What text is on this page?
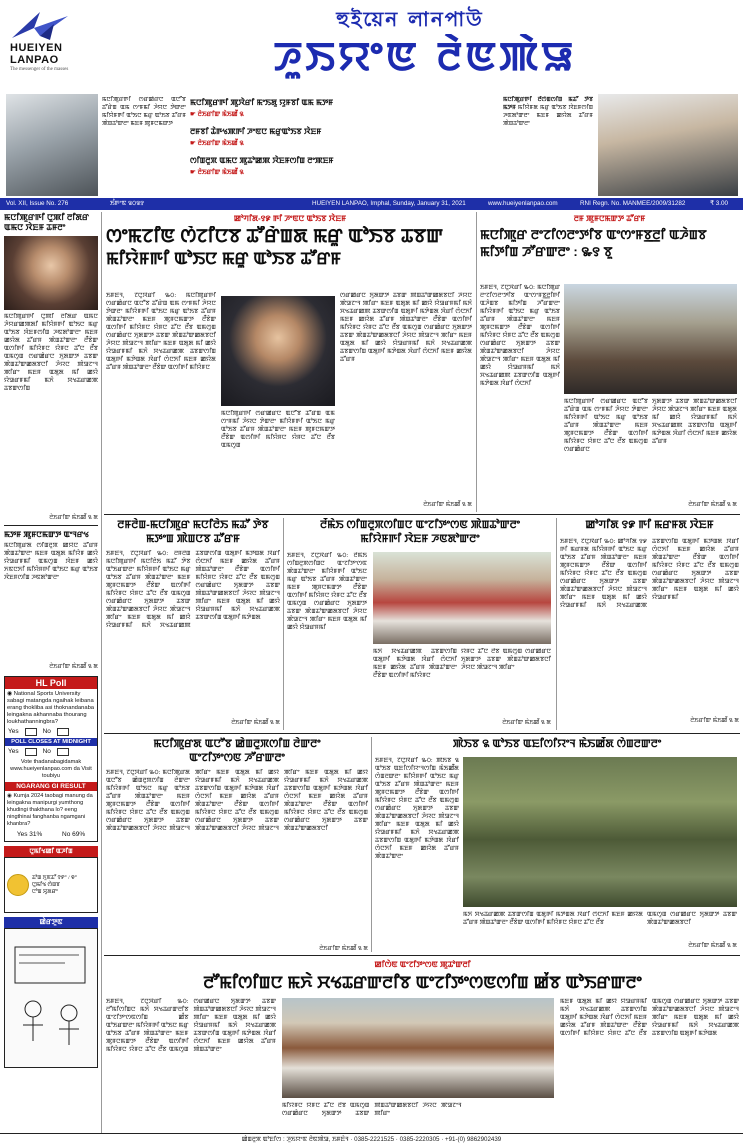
HUEIYEN
LANPAO
The messenger of the masses
হুইয়েন লানপাউ
ꯍꯨꯏꯌꯦꯟ ꯂꯥꯟꯄꯥꯎ
ꯃꯅꯤꯄꯨꯔꯒꯤ ꯁꯔꯀꯥꯔꯅ ꯑꯅꯧꯕ ꯊꯧꯔꯥꯡ ꯑꯃ ꯁꯦꯝꯃꯤ ꯍꯥꯌꯅ ꯇꯥꯛꯂꯦ ꯃꯤꯌꯥꯝꯒꯤ ꯑꯣꯏꯅ ꯃꯔꯨ ꯑꯣꯏꯕ ꯊꯧꯔꯝ ꯄꯥꯡꯊꯣꯛꯂꯦ ꯃꯐꯝ ꯄꯨꯝꯅꯃꯛꯇ
ꯃꯅꯤꯄꯨꯔꯒꯤ ꯄꯨꯋꯥꯔꯤ ꯃꯦꯏꯗꯨ ꯌꯨꯝꯕꯤ ꯑꯃ ꯃꯇꯝ
☛ ꯂꯥꯏꯔꯤꯛ ꯃꯥꯏꯀꯩ ꯲
ꯂꯝꯕꯤ ꯊꯥꯒꯠꯄꯒꯤ ꯍꯦꯟꯅ ꯃꯔꯨꯑꯣꯏꯕ ꯋꯥꯐꯝ
☛ ꯂꯥꯏꯔꯤꯛ ꯃꯥꯏꯀꯩ ꯲
ꯁꯤꯡꯂꯨꯞ ꯑꯃꯅ ꯄꯨꯊꯣꯀꯄ ꯋꯥꯐꯝꯁꯤꯡ ꯂꯦꯄꯐꯝ
☛ ꯂꯥꯏꯔꯤꯛ ꯃꯥꯏꯀꯩ ꯲
ꯃꯅꯤꯄꯨꯔꯒꯤ ꯂꯩꯁꯥꯡꯁꯤꯡ ꯃꯊꯧ ꯇꯥꯕ ꯃꯇꯝ ꯃꯤꯌꯥꯝꯗ ꯃꯔꯨ ꯑꯣꯏꯕ ꯋꯥꯐꯝꯁꯤꯡ ꯍꯟꯗꯣꯛꯂꯦ ꯃꯐꯝ ꯀꯌꯥꯗ ꯊꯧꯔꯝ ꯄꯥꯡꯊꯣꯛꯂꯦ
Vol. XII, Issue No. 276	ꯏꯪꯒꯦꯟ ꯲꯰꯲꯱	HUEIYEN LANPAO, Imphal, Sunday, January 31, 2021	www.hueiyenlanpao.com	RNI Regn. No. MANMEE/2009/31282	₹ 3.00
ꯃꯅꯤꯄꯨꯔꯒꯤ ꯅꯨꯄꯤ ꯂꯤꯗꯔ ꯑꯃꯅ ꯋꯥꯐꯝ ꯊꯝꯂꯦ
ꯃꯅꯤꯄꯨꯔꯒꯤ ꯅꯨꯄꯤ ꯂꯤꯗꯔ ꯑꯃꯅ ꯍꯥꯌꯔꯀꯄꯗꯤ ꯃꯤꯌꯥꯝꯒꯤ ꯑꯣꯏꯅ ꯃꯔꯨ ꯑꯣꯏꯕ ꯋꯥꯐꯝꯁꯤꯡ ꯍꯟꯗꯣꯛꯂꯦ ꯃꯐꯝ ꯀꯌꯥꯗ ꯊꯧꯔꯝ ꯄꯥꯡꯊꯣꯛꯂꯦ ꯂꯩꯕꯥꯛ ꯑꯁꯤꯒꯤ ꯃꯤꯌꯥꯝꯅ ꯌꯥꯝꯅ ꯊꯧꯅ ꯂꯩꯕ ꯑꯃꯁꯨꯡ ꯁꯔꯀꯥꯔꯅ ꯈꯨꯗꯛꯇ ꯊꯕꯛ ꯄꯥꯡꯊꯣꯛꯀꯗꯕꯅꯤ ꯍꯥꯌꯅ ꯄꯥꯎꯖꯦꯜ ꯄꯤꯔꯦ ꯃꯐꯝ ꯑꯗꯨꯗ ꯃꯤ ꯀꯌꯥ ꯌꯥꯎꯔꯝꯃꯤ ꯃꯈꯥ ꯆꯠꯊꯔꯀꯄ ꯊꯕꯛꯁꯤꯡ
ꯂꯥꯏꯔꯤꯛ ꯃꯥꯏꯀꯩ ꯲ ꯗ
ꯃꯇꯝ ꯄꯨꯝꯅꯃꯛꯇ ꯑꯦꯜꯔꯠ
ꯃꯅꯤꯄꯨꯔꯗ ꯁꯤꯡꯂꯨꯞ ꯀꯌꯥꯅ ꯊꯧꯔꯝ ꯄꯥꯡꯊꯣꯛꯂꯦ ꯃꯐꯝ ꯑꯗꯨꯗ ꯃꯤꯌꯥꯝ ꯀꯌꯥ ꯌꯥꯎꯔꯝꯃꯤ ꯑꯃꯁꯨꯡ ꯋꯥꯐꯝ ꯀꯌꯥ ꯈꯟꯅꯈꯤ ꯃꯤꯌꯥꯝꯒꯤ ꯑꯣꯏꯅ ꯃꯔꯨ ꯑꯣꯏꯕ ꯋꯥꯐꯝꯁꯤꯡ ꯍꯟꯗꯣꯛꯂꯦ
ꯂꯥꯏꯔꯤꯛ ꯃꯥꯏꯀꯩ ꯲ ꯗ
HL Poll
◉ National Sports University sabagi matangda ngaihak leibana erang thokliba asi thoknandanaba leingakna akhannaba thourang loukhathanningbra?
Yes	No
POLL CLOSES AT MIDNIGHT
Yes	No
Vote thadanabagidamak www.hueiyenlanpao.com da Visit toubiyu
NGARANG GI RESULT
◉ Kumja 2024 taobagi manung da leingakna manipurgi yumthong khudingi thakthana lo? eeng ningthinai fanghanba ngamgani khanbra?
Yes 31%	No 69%
ꯅꯨꯃꯤꯠꯀꯤ ꯑꯍꯤꯡ
ꯊꯣꯡ ꯈꯨꯟꯊꯧ ꯱꯸° / ꯶°
ꯅꯨꯃꯤꯠ ꯁꯥꯡꯕ
ꯅꯣꯡ ꯆꯨꯗꯔꯦ
ꯀꯥꯔꯇꯨꯟ
ꯀꯣꯚꯤꯗ-꯱꯹ ꯒꯤ ꯍꯦꯟꯅ ꯑꯣꯏꯕ ꯋꯥꯐꯝ
ꯁꯦꯃꯖꯤꯟ ꯁꯥꯖꯤꯅꯕ ꯊꯧꯔꯥꯡꯗ ꯃꯔꯨ ꯑꯣꯏꯕ ꯊꯕꯛ
ꯃꯤꯌꯥꯝꯒꯤ ꯑꯣꯏꯅ ꯃꯔꯨ ꯑꯣꯏꯕ ꯊꯧꯔꯝ
ꯏꯝꯐꯥꯜ, ꯖꯥꯅꯨꯋꯥꯔꯤ ꯳꯰: ꯃꯅꯤꯄꯨꯔꯒꯤ ꯁꯔꯀꯥꯔꯅ ꯑꯅꯧꯕ ꯊꯧꯔꯥꯡ ꯑꯃ ꯁꯦꯝꯃꯤ ꯍꯥꯌꯅ ꯇꯥꯛꯂꯦ ꯃꯤꯌꯥꯝꯒꯤ ꯑꯣꯏꯅ ꯃꯔꯨ ꯑꯣꯏꯕ ꯊꯧꯔꯝ ꯄꯥꯡꯊꯣꯛꯂꯦ ꯃꯐꯝ ꯄꯨꯝꯅꯃꯛꯇ ꯂꯩꯕꯥꯛ ꯑꯁꯤꯒꯤ ꯃꯤꯌꯥꯝꯅ ꯌꯥꯝꯅ ꯊꯧꯅ ꯂꯩꯕ ꯑꯃꯁꯨꯡ ꯁꯔꯀꯥꯔꯅ ꯈꯨꯗꯛꯇ ꯊꯕꯛ ꯄꯥꯡꯊꯣꯛꯀꯗꯕꯅꯤ ꯍꯥꯌꯅ ꯄꯥꯎꯖꯦꯜ ꯄꯤꯔꯦ ꯃꯐꯝ ꯑꯗꯨꯗ ꯃꯤ ꯀꯌꯥ ꯌꯥꯎꯔꯝꯃꯤ ꯃꯈꯥ ꯆꯠꯊꯔꯀꯄ ꯊꯕꯛꯁꯤꯡ ꯑꯗꯨꯒꯤ ꯃꯇꯥꯡꯗ ꯋꯥꯔꯤ ꯁꯥꯅꯈꯤ ꯃꯐꯝ ꯀꯌꯥꯗ ꯊꯧꯔꯝ ꯄꯥꯡꯊꯣꯛꯂꯦ ꯂꯩꯕꯥꯛ ꯑꯁꯤꯒꯤ ꯃꯤꯌꯥꯝꯅ
ꯃꯅꯤꯄꯨꯔꯒꯤ ꯁꯔꯀꯥꯔꯅ ꯑꯅꯧꯕ ꯊꯧꯔꯥꯡ ꯑꯃ ꯁꯦꯝꯃꯤ ꯍꯥꯌꯅ ꯇꯥꯛꯂꯦ ꯃꯤꯌꯥꯝꯒꯤ ꯑꯣꯏꯅ ꯃꯔꯨ ꯑꯣꯏꯕ ꯊꯧꯔꯝ ꯄꯥꯡꯊꯣꯛꯂꯦ ꯃꯐꯝ ꯄꯨꯝꯅꯃꯛꯇ ꯂꯩꯕꯥꯛ ꯑꯁꯤꯒꯤ ꯃꯤꯌꯥꯝꯅ ꯌꯥꯝꯅ ꯊꯧꯅ ꯂꯩꯕ ꯑꯃꯁꯨꯡ
ꯁꯔꯀꯥꯔꯅ ꯈꯨꯗꯛꯇ ꯊꯕꯛ ꯄꯥꯡꯊꯣꯛꯀꯗꯕꯅꯤ ꯍꯥꯌꯅ ꯄꯥꯎꯖꯦꯜ ꯄꯤꯔꯦ ꯃꯐꯝ ꯑꯗꯨꯗ ꯃꯤ ꯀꯌꯥ ꯌꯥꯎꯔꯝꯃꯤ ꯃꯈꯥ ꯆꯠꯊꯔꯀꯄ ꯊꯕꯛꯁꯤꯡ ꯑꯗꯨꯒꯤ ꯃꯇꯥꯡꯗ ꯋꯥꯔꯤ ꯁꯥꯅꯈꯤ ꯃꯐꯝ ꯀꯌꯥꯗ ꯊꯧꯔꯝ ꯄꯥꯡꯊꯣꯛꯂꯦ ꯂꯩꯕꯥꯛ ꯑꯁꯤꯒꯤ ꯃꯤꯌꯥꯝꯅ ꯌꯥꯝꯅ ꯊꯧꯅ ꯂꯩꯕ ꯑꯃꯁꯨꯡ ꯁꯔꯀꯥꯔꯅ ꯈꯨꯗꯛꯇ ꯊꯕꯛ ꯄꯥꯡꯊꯣꯛꯀꯗꯕꯅꯤ ꯍꯥꯌꯅ ꯄꯥꯎꯖꯦꯜ ꯄꯤꯔꯦ ꯃꯐꯝ ꯑꯗꯨꯗ ꯃꯤ ꯀꯌꯥ ꯌꯥꯎꯔꯝꯃꯤ ꯃꯈꯥ ꯆꯠꯊꯔꯀꯄ ꯊꯕꯛꯁꯤꯡ ꯑꯗꯨꯒꯤ ꯃꯇꯥꯡꯗ ꯋꯥꯔꯤ ꯁꯥꯅꯈꯤ ꯃꯐꯝ ꯀꯌꯥꯗ ꯊꯧꯔꯝ
ꯂꯥꯏꯔꯤꯛ ꯃꯥꯏꯀꯩ ꯲ ꯗ
ꯂꯝ ꯄꯨꯝꯅꯃꯛꯇ ꯊꯧꯔꯝ
ꯃꯅꯤꯄꯨꯔ ꯂꯦꯖꯤꯁꯂꯦꯇꯤꯕ ꯑꯦꯁꯦꯝꯕ꯭ꯂꯤ ꯑꯍꯥꯡꯕ
ꯃꯤꯇꯤꯡ ꯍꯧꯔꯛꯂꯦ : ꯳꯱ ꯕꯨ
ꯏꯝꯐꯥꯜ, ꯖꯥꯅꯨꯋꯥꯔꯤ ꯳꯰: ꯃꯅꯤꯄꯨꯔ ꯂꯦꯖꯤꯁꯂꯦꯇꯤꯕ ꯑꯦꯁꯦꯝꯕ꯭ꯂꯤꯒꯤ ꯑꯍꯥꯡꯕ ꯃꯤꯇꯤꯡ ꯍꯧꯔꯛꯂꯦ ꯃꯤꯌꯥꯝꯒꯤ ꯑꯣꯏꯅ ꯃꯔꯨ ꯑꯣꯏꯕ ꯊꯧꯔꯝ ꯄꯥꯡꯊꯣꯛꯂꯦ ꯃꯐꯝ ꯄꯨꯝꯅꯃꯛꯇ ꯂꯩꯕꯥꯛ ꯑꯁꯤꯒꯤ ꯃꯤꯌꯥꯝꯅ ꯌꯥꯝꯅ ꯊꯧꯅ ꯂꯩꯕ ꯑꯃꯁꯨꯡ ꯁꯔꯀꯥꯔꯅ ꯈꯨꯗꯛꯇ ꯊꯕꯛ ꯄꯥꯡꯊꯣꯛꯀꯗꯕꯅꯤ ꯍꯥꯌꯅ ꯄꯥꯎꯖꯦꯜ ꯄꯤꯔꯦ ꯃꯐꯝ ꯑꯗꯨꯗ ꯃꯤ ꯀꯌꯥ ꯌꯥꯎꯔꯝꯃꯤ ꯃꯈꯥ ꯆꯠꯊꯔꯀꯄ ꯊꯕꯛꯁꯤꯡ ꯑꯗꯨꯒꯤ ꯃꯇꯥꯡꯗ ꯋꯥꯔꯤ ꯁꯥꯅꯈꯤ
ꯃꯅꯤꯄꯨꯔꯒꯤ ꯁꯔꯀꯥꯔꯅ ꯑꯅꯧꯕ ꯊꯧꯔꯥꯡ ꯑꯃ ꯁꯦꯝꯃꯤ ꯍꯥꯌꯅ ꯇꯥꯛꯂꯦ ꯃꯤꯌꯥꯝꯒꯤ ꯑꯣꯏꯅ ꯃꯔꯨ ꯑꯣꯏꯕ ꯊꯧꯔꯝ ꯄꯥꯡꯊꯣꯛꯂꯦ ꯃꯐꯝ ꯄꯨꯝꯅꯃꯛꯇ ꯂꯩꯕꯥꯛ ꯑꯁꯤꯒꯤ ꯃꯤꯌꯥꯝꯅ ꯌꯥꯝꯅ ꯊꯧꯅ ꯂꯩꯕ ꯑꯃꯁꯨꯡ ꯁꯔꯀꯥꯔꯅ
ꯈꯨꯗꯛꯇ ꯊꯕꯛ ꯄꯥꯡꯊꯣꯛꯀꯗꯕꯅꯤ ꯍꯥꯌꯅ ꯄꯥꯎꯖꯦꯜ ꯄꯤꯔꯦ ꯃꯐꯝ ꯑꯗꯨꯗ ꯃꯤ ꯀꯌꯥ ꯌꯥꯎꯔꯝꯃꯤ ꯃꯈꯥ ꯆꯠꯊꯔꯀꯄ ꯊꯕꯛꯁꯤꯡ ꯑꯗꯨꯒꯤ ꯃꯇꯥꯡꯗ ꯋꯥꯔꯤ ꯁꯥꯅꯈꯤ ꯃꯐꯝ ꯀꯌꯥꯗ ꯊꯧꯔꯝ
ꯂꯥꯏꯔꯤꯛ ꯃꯥꯏꯀꯩ ꯲ ꯗ
ꯂꯝꯂꯥꯡ-ꯃꯅꯤꯄꯨꯔ ꯃꯅꯤꯂꯥꯏ ꯃꯊꯧ ꯇꯥꯕ
ꯃꯇꯦꯡ ꯄꯥꯡꯅꯕ ꯊꯧꯔꯝ
ꯏꯝꯐꯥꯜ, ꯖꯥꯅꯨꯋꯥꯔꯤ ꯳꯰: ꯂꯝꯂꯥꯡ ꯃꯅꯤꯄꯨꯔꯒꯤ ꯃꯅꯤꯂꯥꯏ ꯃꯊꯧ ꯇꯥꯕ ꯑꯣꯏꯔꯛꯂꯦ ꯃꯤꯌꯥꯝꯒꯤ ꯑꯣꯏꯅ ꯃꯔꯨ ꯑꯣꯏꯕ ꯊꯧꯔꯝ ꯄꯥꯡꯊꯣꯛꯂꯦ ꯃꯐꯝ ꯄꯨꯝꯅꯃꯛꯇ ꯂꯩꯕꯥꯛ ꯑꯁꯤꯒꯤ ꯃꯤꯌꯥꯝꯅ ꯌꯥꯝꯅ ꯊꯧꯅ ꯂꯩꯕ ꯑꯃꯁꯨꯡ ꯁꯔꯀꯥꯔꯅ ꯈꯨꯗꯛꯇ ꯊꯕꯛ ꯄꯥꯡꯊꯣꯛꯀꯗꯕꯅꯤ ꯍꯥꯌꯅ ꯄꯥꯎꯖꯦꯜ ꯄꯤꯔꯦ ꯃꯐꯝ ꯑꯗꯨꯗ ꯃꯤ ꯀꯌꯥ ꯌꯥꯎꯔꯝꯃꯤ ꯃꯈꯥ ꯆꯠꯊꯔꯀꯄ ꯊꯕꯛꯁꯤꯡ ꯑꯗꯨꯒꯤ ꯃꯇꯥꯡꯗ ꯋꯥꯔꯤ ꯁꯥꯅꯈꯤ ꯃꯐꯝ ꯀꯌꯥꯗ ꯊꯧꯔꯝ ꯄꯥꯡꯊꯣꯛꯂꯦ ꯂꯩꯕꯥꯛ ꯑꯁꯤꯒꯤ ꯃꯤꯌꯥꯝꯅ ꯌꯥꯝꯅ ꯊꯧꯅ ꯂꯩꯕ ꯑꯃꯁꯨꯡ ꯁꯔꯀꯥꯔꯅ ꯈꯨꯗꯛꯇ ꯊꯕꯛ ꯄꯥꯡꯊꯣꯛꯀꯗꯕꯅꯤ ꯍꯥꯌꯅ ꯄꯥꯎꯖꯦꯜ ꯄꯤꯔꯦ ꯃꯐꯝ ꯑꯗꯨꯗ ꯃꯤ ꯀꯌꯥ ꯌꯥꯎꯔꯝꯃꯤ ꯃꯈꯥ ꯆꯠꯊꯔꯀꯄ ꯊꯕꯛꯁꯤꯡ ꯑꯗꯨꯒꯤ ꯃꯇꯥꯡꯗ
ꯂꯥꯏꯔꯤꯛ ꯃꯥꯏꯀꯩ ꯲ ꯗ
ꯂꯩꯃꯥꯏ ꯁꯤꯡꯂꯨꯞꯁꯤꯡꯅ ꯑꯦꯖꯤꯇꯦꯁꯟ ꯄꯥꯡꯊꯣꯛꯂꯦ
ꯃꯤꯌꯥꯝꯒꯤ ꯋꯥꯐꯝ ꯍꯟꯗꯣꯛꯂꯦ
ꯏꯝꯐꯥꯜ, ꯖꯥꯅꯨꯋꯥꯔꯤ ꯳꯰: ꯂꯩꯃꯥꯏ ꯁꯤꯡꯂꯨꯞꯁꯤꯡꯅ ꯑꯦꯖꯤꯇꯦꯁꯟ ꯄꯥꯡꯊꯣꯛꯂꯦ ꯃꯤꯌꯥꯝꯒꯤ ꯑꯣꯏꯅ ꯃꯔꯨ ꯑꯣꯏꯕ ꯊꯧꯔꯝ ꯄꯥꯡꯊꯣꯛꯂꯦ ꯃꯐꯝ ꯄꯨꯝꯅꯃꯛꯇ ꯂꯩꯕꯥꯛ ꯑꯁꯤꯒꯤ ꯃꯤꯌꯥꯝꯅ ꯌꯥꯝꯅ ꯊꯧꯅ ꯂꯩꯕ ꯑꯃꯁꯨꯡ ꯁꯔꯀꯥꯔꯅ ꯈꯨꯗꯛꯇ ꯊꯕꯛ ꯄꯥꯡꯊꯣꯛꯀꯗꯕꯅꯤ ꯍꯥꯌꯅ ꯄꯥꯎꯖꯦꯜ ꯄꯤꯔꯦ ꯃꯐꯝ ꯑꯗꯨꯗ ꯃꯤ ꯀꯌꯥ ꯌꯥꯎꯔꯝꯃꯤ
ꯃꯈꯥ ꯆꯠꯊꯔꯀꯄ ꯊꯕꯛꯁꯤꯡ ꯑꯗꯨꯒꯤ ꯃꯇꯥꯡꯗ ꯋꯥꯔꯤ ꯁꯥꯅꯈꯤ ꯃꯐꯝ ꯀꯌꯥꯗ ꯊꯧꯔꯝ ꯄꯥꯡꯊꯣꯛꯂꯦ ꯂꯩꯕꯥꯛ ꯑꯁꯤꯒꯤ ꯃꯤꯌꯥꯝꯅ
ꯌꯥꯝꯅ ꯊꯧꯅ ꯂꯩꯕ ꯑꯃꯁꯨꯡ ꯁꯔꯀꯥꯔꯅ ꯈꯨꯗꯛꯇ ꯊꯕꯛ ꯄꯥꯡꯊꯣꯛꯀꯗꯕꯅꯤ ꯍꯥꯌꯅ ꯄꯥꯎꯖꯦꯜ ꯄꯤꯔꯦ
ꯂꯥꯏꯔꯤꯛ ꯃꯥꯏꯀꯩ ꯲ ꯗ
ꯀꯣꯚꯤꯗ ꯱꯹ ꯒꯤ ꯃꯔꯝꯗ ꯋꯥꯐꯝ
ꯏꯝꯐꯥꯜ, ꯖꯥꯅꯨꯋꯥꯔꯤ ꯳꯰: ꯀꯣꯚꯤꯗ ꯱꯹ ꯒꯤ ꯃꯔꯝꯗ ꯃꯤꯌꯥꯝꯒꯤ ꯑꯣꯏꯅ ꯃꯔꯨ ꯑꯣꯏꯕ ꯊꯧꯔꯝ ꯄꯥꯡꯊꯣꯛꯂꯦ ꯃꯐꯝ ꯄꯨꯝꯅꯃꯛꯇ ꯂꯩꯕꯥꯛ ꯑꯁꯤꯒꯤ ꯃꯤꯌꯥꯝꯅ ꯌꯥꯝꯅ ꯊꯧꯅ ꯂꯩꯕ ꯑꯃꯁꯨꯡ ꯁꯔꯀꯥꯔꯅ ꯈꯨꯗꯛꯇ ꯊꯕꯛ ꯄꯥꯡꯊꯣꯛꯀꯗꯕꯅꯤ ꯍꯥꯌꯅ ꯄꯥꯎꯖꯦꯜ ꯄꯤꯔꯦ ꯃꯐꯝ ꯑꯗꯨꯗ ꯃꯤ ꯀꯌꯥ ꯌꯥꯎꯔꯝꯃꯤ ꯃꯈꯥ ꯆꯠꯊꯔꯀꯄ ꯊꯕꯛꯁꯤꯡ ꯑꯗꯨꯒꯤ ꯃꯇꯥꯡꯗ ꯋꯥꯔꯤ ꯁꯥꯅꯈꯤ ꯃꯐꯝ ꯀꯌꯥꯗ ꯊꯧꯔꯝ ꯄꯥꯡꯊꯣꯛꯂꯦ ꯂꯩꯕꯥꯛ ꯑꯁꯤꯒꯤ ꯃꯤꯌꯥꯝꯅ ꯌꯥꯝꯅ ꯊꯧꯅ ꯂꯩꯕ ꯑꯃꯁꯨꯡ ꯁꯔꯀꯥꯔꯅ ꯈꯨꯗꯛꯇ ꯊꯕꯛ ꯄꯥꯡꯊꯣꯛꯀꯗꯕꯅꯤ ꯍꯥꯌꯅ ꯄꯥꯎꯖꯦꯜ ꯄꯤꯔꯦ ꯃꯐꯝ ꯑꯗꯨꯗ ꯃꯤ ꯀꯌꯥ ꯌꯥꯎꯔꯝꯃꯤ
ꯂꯥꯏꯔꯤꯛ ꯃꯥꯏꯀꯩ ꯲ ꯗ
ꯃꯅꯤꯄꯨꯔꯗ ꯑꯅꯧꯕ ꯀꯥꯡꯂꯨꯞꯁꯤꯡ ꯂꯥꯛꯂꯦ
ꯑꯦꯖꯤꯇꯦꯁꯟ ꯍꯧꯔꯛꯂꯦ
ꯏꯝꯐꯥꯜ, ꯖꯥꯅꯨꯋꯥꯔꯤ ꯳꯰: ꯃꯅꯤꯄꯨꯔꯗ ꯑꯅꯧꯕ ꯀꯥꯡꯂꯨꯞꯁꯤꯡ ꯂꯥꯛꯂꯦ ꯃꯤꯌꯥꯝꯒꯤ ꯑꯣꯏꯅ ꯃꯔꯨ ꯑꯣꯏꯕ ꯊꯧꯔꯝ ꯄꯥꯡꯊꯣꯛꯂꯦ ꯃꯐꯝ ꯄꯨꯝꯅꯃꯛꯇ ꯂꯩꯕꯥꯛ ꯑꯁꯤꯒꯤ ꯃꯤꯌꯥꯝꯅ ꯌꯥꯝꯅ ꯊꯧꯅ ꯂꯩꯕ ꯑꯃꯁꯨꯡ ꯁꯔꯀꯥꯔꯅ ꯈꯨꯗꯛꯇ ꯊꯕꯛ ꯄꯥꯡꯊꯣꯛꯀꯗꯕꯅꯤ ꯍꯥꯌꯅ ꯄꯥꯎꯖꯦꯜ ꯄꯤꯔꯦ ꯃꯐꯝ ꯑꯗꯨꯗ ꯃꯤ ꯀꯌꯥ ꯌꯥꯎꯔꯝꯃꯤ ꯃꯈꯥ ꯆꯠꯊꯔꯀꯄ ꯊꯕꯛꯁꯤꯡ ꯑꯗꯨꯒꯤ ꯃꯇꯥꯡꯗ ꯋꯥꯔꯤ ꯁꯥꯅꯈꯤ ꯃꯐꯝ ꯀꯌꯥꯗ ꯊꯧꯔꯝ ꯄꯥꯡꯊꯣꯛꯂꯦ ꯂꯩꯕꯥꯛ ꯑꯁꯤꯒꯤ ꯃꯤꯌꯥꯝꯅ ꯌꯥꯝꯅ ꯊꯧꯅ ꯂꯩꯕ ꯑꯃꯁꯨꯡ ꯁꯔꯀꯥꯔꯅ ꯈꯨꯗꯛꯇ ꯊꯕꯛ ꯄꯥꯡꯊꯣꯛꯀꯗꯕꯅꯤ ꯍꯥꯌꯅ ꯄꯥꯎꯖꯦꯜ ꯄꯤꯔꯦ ꯃꯐꯝ ꯑꯗꯨꯗ ꯃꯤ ꯀꯌꯥ ꯌꯥꯎꯔꯝꯃꯤ ꯃꯈꯥ ꯆꯠꯊꯔꯀꯄ ꯊꯕꯛꯁꯤꯡ ꯑꯗꯨꯒꯤ ꯃꯇꯥꯡꯗ ꯋꯥꯔꯤ ꯁꯥꯅꯈꯤ ꯃꯐꯝ ꯀꯌꯥꯗ ꯊꯧꯔꯝ ꯄꯥꯡꯊꯣꯛꯂꯦ ꯂꯩꯕꯥꯛ ꯑꯁꯤꯒꯤ ꯃꯤꯌꯥꯝꯅ ꯌꯥꯝꯅ ꯊꯧꯅ ꯂꯩꯕ ꯑꯃꯁꯨꯡ ꯁꯔꯀꯥꯔꯅ ꯈꯨꯗꯛꯇ ꯊꯕꯛ ꯄꯥꯡꯊꯣꯛꯀꯗꯕꯅꯤ
ꯂꯥꯏꯔꯤꯛ ꯃꯥꯏꯀꯩ ꯲ ꯗ
ꯄꯥꯏꯕ ꯲ ꯑꯣꯏꯕ ꯑꯐꯤꯁꯤꯌꯦꯜ ꯃꯥꯏꯀꯩꯗ ꯁꯥꯡꯂꯛꯂꯦ
ꯏꯝꯐꯥꯜ, ꯖꯥꯅꯨꯋꯥꯔꯤ ꯳꯰: ꯄꯥꯏꯕ ꯲ ꯑꯣꯏꯕ ꯑꯐꯤꯁꯤꯌꯦꯜꯁꯤꯡ ꯃꯥꯏꯀꯩꯗ ꯁꯥꯡꯂꯛꯂꯦ ꯃꯤꯌꯥꯝꯒꯤ ꯑꯣꯏꯅ ꯃꯔꯨ ꯑꯣꯏꯕ ꯊꯧꯔꯝ ꯄꯥꯡꯊꯣꯛꯂꯦ ꯃꯐꯝ ꯄꯨꯝꯅꯃꯛꯇ ꯂꯩꯕꯥꯛ ꯑꯁꯤꯒꯤ ꯃꯤꯌꯥꯝꯅ ꯌꯥꯝꯅ ꯊꯧꯅ ꯂꯩꯕ ꯑꯃꯁꯨꯡ ꯁꯔꯀꯥꯔꯅ ꯈꯨꯗꯛꯇ ꯊꯕꯛ ꯄꯥꯡꯊꯣꯛꯀꯗꯕꯅꯤ ꯍꯥꯌꯅ ꯄꯥꯎꯖꯦꯜ ꯄꯤꯔꯦ ꯃꯐꯝ ꯑꯗꯨꯗ ꯃꯤ ꯀꯌꯥ ꯌꯥꯎꯔꯝꯃꯤ ꯃꯈꯥ ꯆꯠꯊꯔꯀꯄ ꯊꯕꯛꯁꯤꯡ ꯑꯗꯨꯒꯤ ꯃꯇꯥꯡꯗ ꯋꯥꯔꯤ ꯁꯥꯅꯈꯤ ꯃꯐꯝ ꯀꯌꯥꯗ ꯊꯧꯔꯝ ꯄꯥꯡꯊꯣꯛꯂꯦ
ꯃꯈꯥ ꯆꯠꯊꯔꯀꯄ ꯊꯕꯛꯁꯤꯡ ꯑꯗꯨꯒꯤ ꯃꯇꯥꯡꯗ ꯋꯥꯔꯤ ꯁꯥꯅꯈꯤ ꯃꯐꯝ ꯀꯌꯥꯗ ꯊꯧꯔꯝ ꯄꯥꯡꯊꯣꯛꯂꯦ ꯂꯩꯕꯥꯛ ꯑꯁꯤꯒꯤ ꯃꯤꯌꯥꯝꯅ ꯌꯥꯝꯅ ꯊꯧꯅ ꯂꯩꯕ
ꯑꯃꯁꯨꯡ ꯁꯔꯀꯥꯔꯅ ꯈꯨꯗꯛꯇ ꯊꯕꯛ ꯄꯥꯡꯊꯣꯛꯀꯗꯕꯅꯤ
ꯂꯥꯏꯔꯤꯛ ꯃꯥꯏꯀꯩ ꯲ ꯗ
ꯀꯤꯁꯥꯟ ꯑꯦꯖꯤꯇꯦꯁꯟ ꯄꯨꯊꯣꯛꯂꯤ
ꯂꯧꯃꯤꯁꯤꯡꯅ ꯃꯈꯥ ꯆꯠꯊꯔꯛꯂꯤꯕ ꯑꯦꯖꯤꯇꯦꯁꯟꯁꯤꯡ ꯀꯪꯕ ꯑꯣꯏꯔꯛꯂꯦ
ꯏꯝꯐꯥꯜ, ꯖꯥꯅꯨꯋꯥꯔꯤ ꯳꯰: ꯂꯧꯃꯤꯁꯤꯡꯅ ꯃꯈꯥ ꯆꯠꯊꯔꯛꯂꯤꯕ ꯑꯦꯖꯤꯇꯦꯁꯟꯁꯤꯡ ꯀꯪꯕ ꯑꯣꯏꯔꯛꯂꯦ ꯃꯤꯌꯥꯝꯒꯤ ꯑꯣꯏꯅ ꯃꯔꯨ ꯑꯣꯏꯕ ꯊꯧꯔꯝ ꯄꯥꯡꯊꯣꯛꯂꯦ ꯃꯐꯝ ꯄꯨꯝꯅꯃꯛꯇ ꯂꯩꯕꯥꯛ ꯑꯁꯤꯒꯤ ꯃꯤꯌꯥꯝꯅ ꯌꯥꯝꯅ ꯊꯧꯅ ꯂꯩꯕ ꯑꯃꯁꯨꯡ ꯁꯔꯀꯥꯔꯅ ꯈꯨꯗꯛꯇ ꯊꯕꯛ ꯄꯥꯡꯊꯣꯛꯀꯗꯕꯅꯤ ꯍꯥꯌꯅ ꯄꯥꯎꯖꯦꯜ ꯄꯤꯔꯦ ꯃꯐꯝ ꯑꯗꯨꯗ ꯃꯤ ꯀꯌꯥ ꯌꯥꯎꯔꯝꯃꯤ ꯃꯈꯥ ꯆꯠꯊꯔꯀꯄ ꯊꯕꯛꯁꯤꯡ ꯑꯗꯨꯒꯤ ꯃꯇꯥꯡꯗ ꯋꯥꯔꯤ ꯁꯥꯅꯈꯤ ꯃꯐꯝ ꯀꯌꯥꯗ ꯊꯧꯔꯝ ꯄꯥꯡꯊꯣꯛꯂꯦ
ꯃꯤꯌꯥꯝꯅ ꯌꯥꯝꯅ ꯊꯧꯅ ꯂꯩꯕ ꯑꯃꯁꯨꯡ ꯁꯔꯀꯥꯔꯅ ꯈꯨꯗꯛꯇ ꯊꯕꯛ ꯄꯥꯡꯊꯣꯛꯀꯗꯕꯅꯤ ꯍꯥꯌꯅ ꯄꯥꯎꯖꯦꯜ ꯄꯤꯔꯦ
ꯃꯐꯝ ꯑꯗꯨꯗ ꯃꯤ ꯀꯌꯥ ꯌꯥꯎꯔꯝꯃꯤ ꯃꯈꯥ ꯆꯠꯊꯔꯀꯄ ꯊꯕꯛꯁꯤꯡ ꯑꯗꯨꯒꯤ ꯃꯇꯥꯡꯗ ꯋꯥꯔꯤ ꯁꯥꯅꯈꯤ ꯃꯐꯝ ꯀꯌꯥꯗ ꯊꯧꯔꯝ ꯄꯥꯡꯊꯣꯛꯂꯦ ꯂꯩꯕꯥꯛ ꯑꯁꯤꯒꯤ ꯃꯤꯌꯥꯝꯅ ꯌꯥꯝꯅ ꯊꯧꯅ ꯂꯩꯕ ꯑꯃꯁꯨꯡ ꯁꯔꯀꯥꯔꯅ ꯈꯨꯗꯛꯇ ꯊꯕꯛ ꯄꯥꯡꯊꯣꯛꯀꯗꯕꯅꯤ ꯍꯥꯌꯅ ꯄꯥꯎꯖꯦꯜ ꯄꯤꯔꯦ ꯃꯐꯝ ꯑꯗꯨꯗ ꯃꯤ ꯀꯌꯥ ꯌꯥꯎꯔꯝꯃꯤ ꯃꯈꯥ ꯆꯠꯊꯔꯀꯄ ꯊꯕꯛꯁꯤꯡ ꯑꯗꯨꯒꯤ ꯃꯇꯥꯡꯗ
ꯀꯥꯡꯂꯨꯞ ꯑꯣꯐꯤꯁ : ꯍꯨꯏꯌꯦꯟ ꯂꯥꯟꯄꯥꯎ, ꯏꯝꯐꯥꯜ · 0385-2221525 · 0385-2220305 · +91-(0) 9862902439
